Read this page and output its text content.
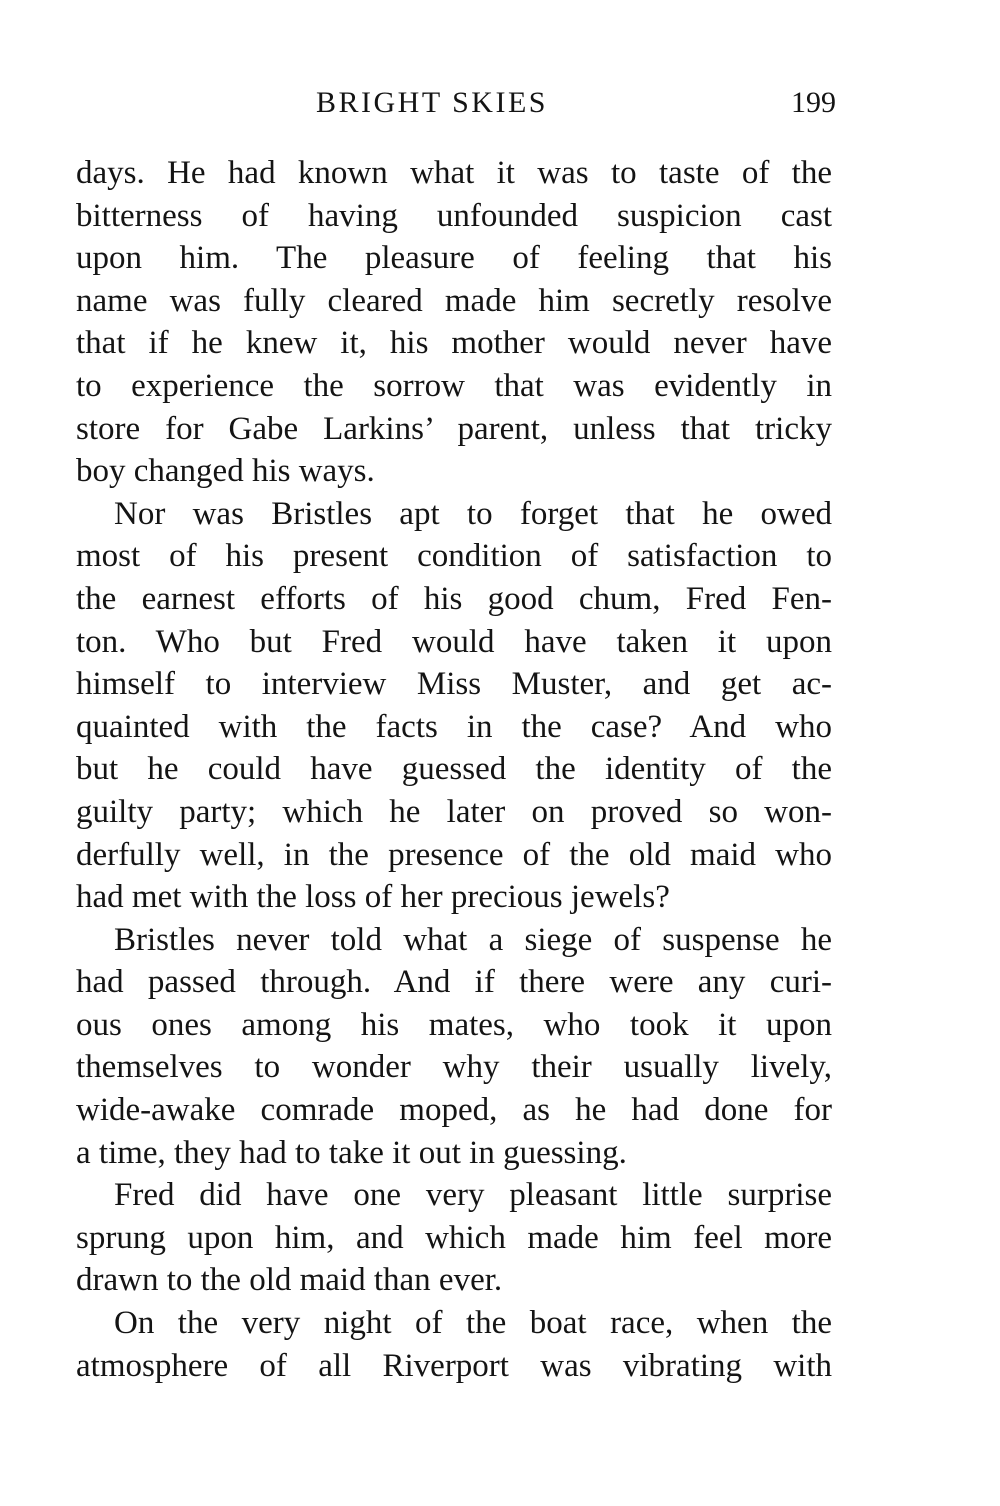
BRIGHT SKIES	199
days. He had known what it was to taste of the
bitterness of having unfounded suspicion cast
upon him. The pleasure of feeling that his
name was fully cleared made him secretly resolve
that if he knew it, his mother would never have
to experience the sorrow that was evidently in
store for Gabe Larkins’ parent, unless that tricky
boy changed his ways.
Nor was Bristles apt to forget that he owed
most of his present condition of satisfaction to
the earnest efforts of his good chum, Fred Fen-
ton. Who but Fred would have taken it upon
himself to interview Miss Muster, and get ac-
quainted with the facts in the case? And who
but he could have guessed the identity of the
guilty party; which he later on proved so won-
derfully well, in the presence of the old maid who
had met with the loss of her precious jewels?
Bristles never told what a siege of suspense he
had passed through. And if there were any curi-
ous ones among his mates, who took it upon
themselves to wonder why their usually lively,
wide-awake comrade moped, as he had done for
a time, they had to take it out in guessing.
Fred did have one very pleasant little surprise
sprung upon him, and which made him feel more
drawn to the old maid than ever.
On the very night of the boat race, when the
atmosphere of all Riverport was vibrating with
